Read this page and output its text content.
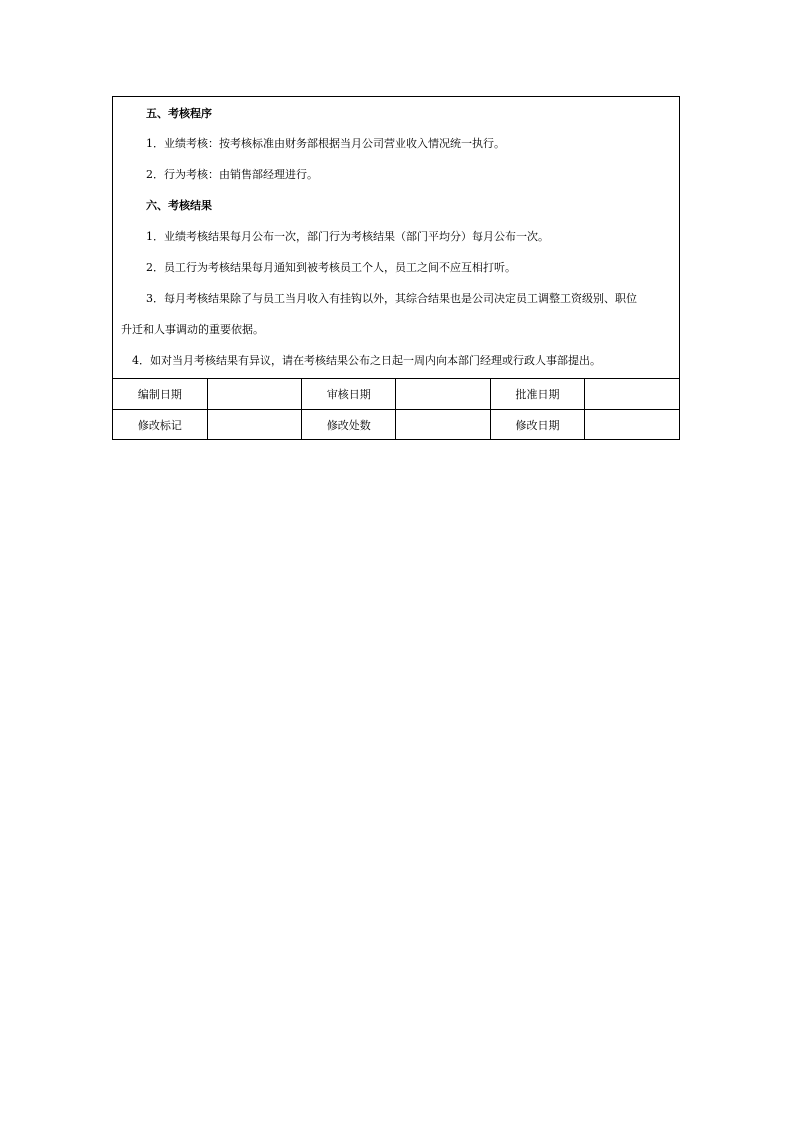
五、考核程序
1．业绩考核：按考核标准由财务部根据当月公司营业收入情况统一执行。
2．行为考核：由销售部经理进行。
六、考核结果
1．业绩考核结果每月公布一次，部门行为考核结果（部门平均分）每月公布一次。
2．员工行为考核结果每月通知到被考核员工个人，员工之间不应互相打听。
3．每月考核结果除了与员工当月收入有挂钩以外，其综合结果也是公司决定员工调整工资级别、职位
升迁和人事调动的重要依据。
4．如对当月考核结果有异议，请在考核结果公布之日起一周内向本部门经理或行政人事部提出。
编制日期		审核日期		批准日期	
修改标记		修改处数		修改日期	
